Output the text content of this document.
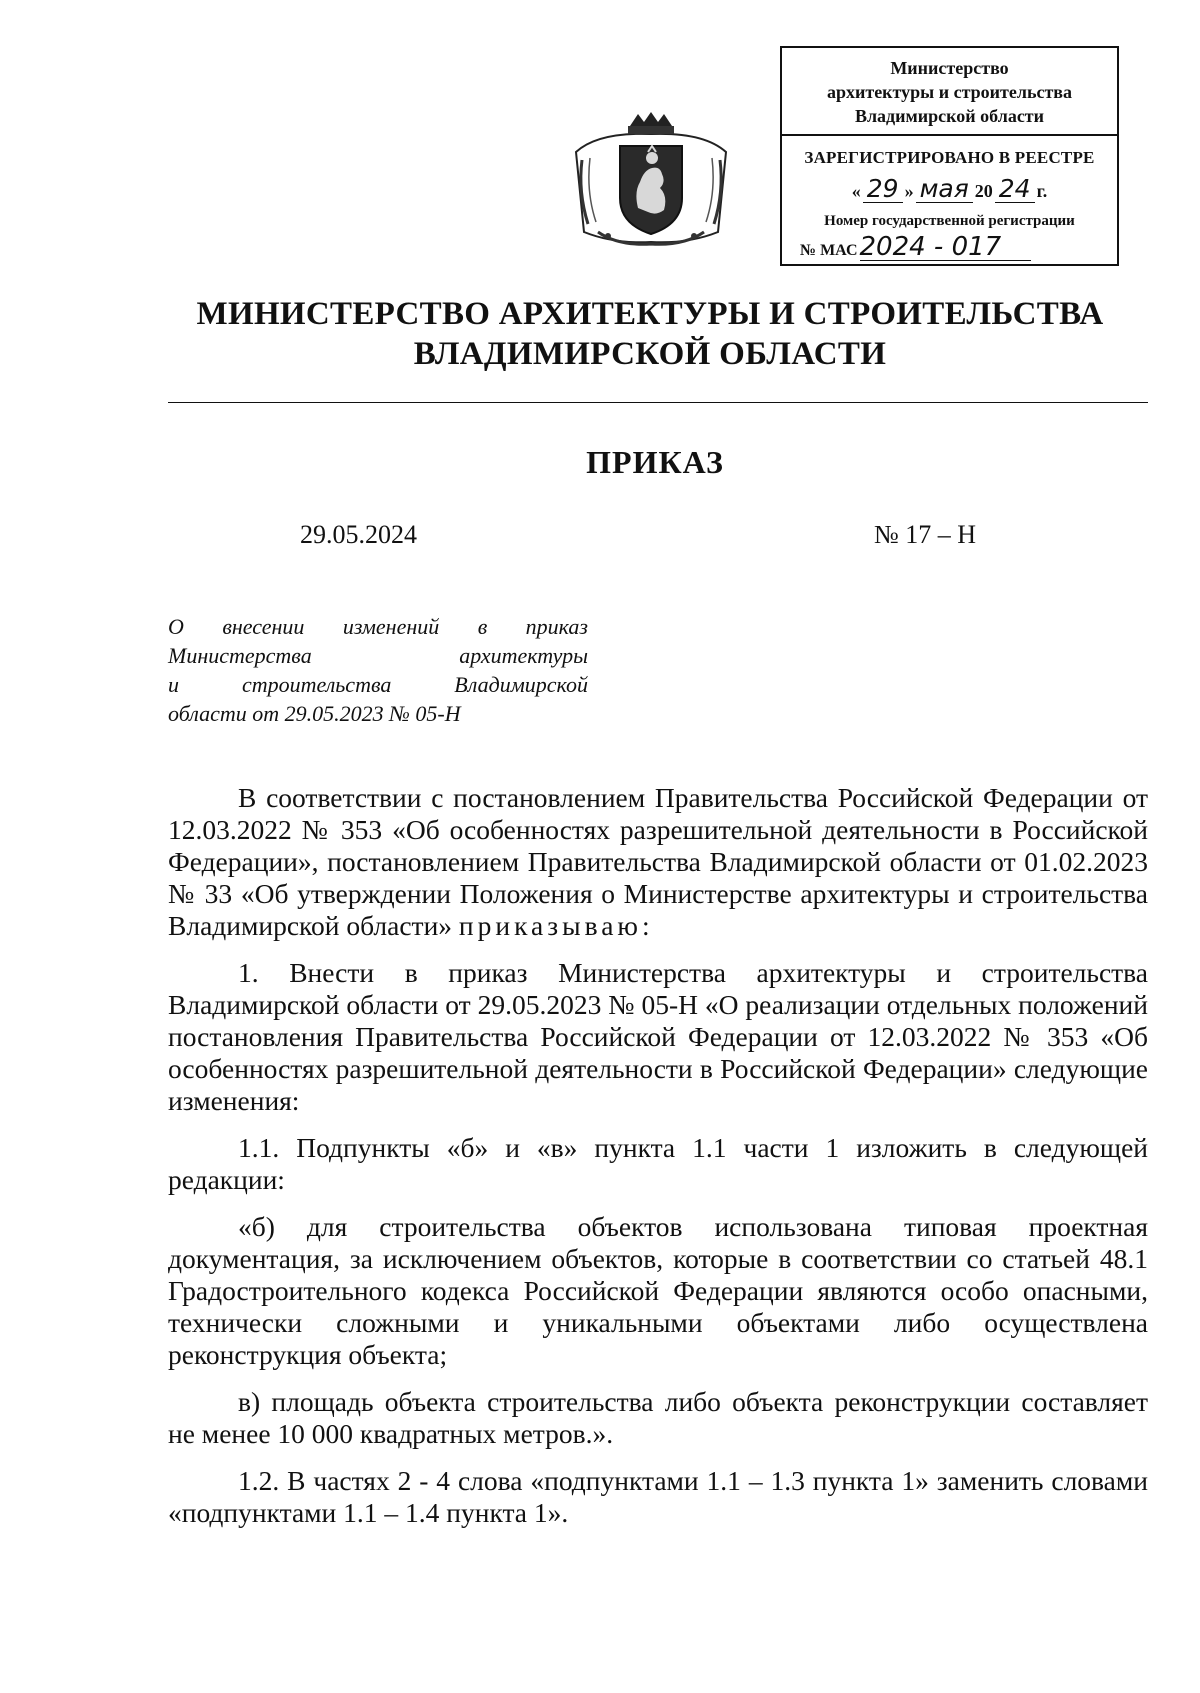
Министерство
архитектуры и строительства
Владимирской области
ЗАРЕГИСТРИРОВАНО В РЕЕСТРЕ
« 29 » мая 20 24 г.
Номер государственной регистрации
№ МАС 2024 - 017
МИНИСТЕРСТВО АРХИТЕКТУРЫ И СТРОИТЕЛЬСТВА
ВЛАДИМИРСКОЙ ОБЛАСТИ
ПРИКАЗ
29.05.2024	№ 17 – Н
О внесении изменений в приказ
Министерства архитектуры
и строительства Владимирской
области от 29.05.2023 № 05-Н

В соответствии с постановлением Правительства Российской Федерации от 12.03.2022 № 353 «Об особенностях разрешительной деятельности в Российской Федерации», постановлением Правительства Владимирской области от 01.02.2023 № 33 «Об утверждении Положения о Министерстве архитектуры и строительства Владимирской области» приказываю:

1. Внести в приказ Министерства архитектуры и строительства Владимирской области от 29.05.2023 № 05-Н «О реализации отдельных положений постановления Правительства Российской Федерации от 12.03.2022 № 353 «Об особенностях разрешительной деятельности в Российской Федерации» следующие изменения:

1.1. Подпункты «б» и «в» пункта 1.1 части 1 изложить в следующей редакции:

«б) для строительства объектов использована типовая проектная документация, за исключением объектов, которые в соответствии со статьей 48.1 Градостроительного кодекса Российской Федерации являются особо опасными, технически сложными и уникальными объектами либо осуществлена реконструкция объекта;

в) площадь объекта строительства либо объекта реконструкции составляет не менее 10 000 квадратных метров.».

1.2. В частях 2 - 4 слова «подпунктами 1.1 – 1.3 пункта 1» заменить словами «подпунктами 1.1 – 1.4 пункта 1».
